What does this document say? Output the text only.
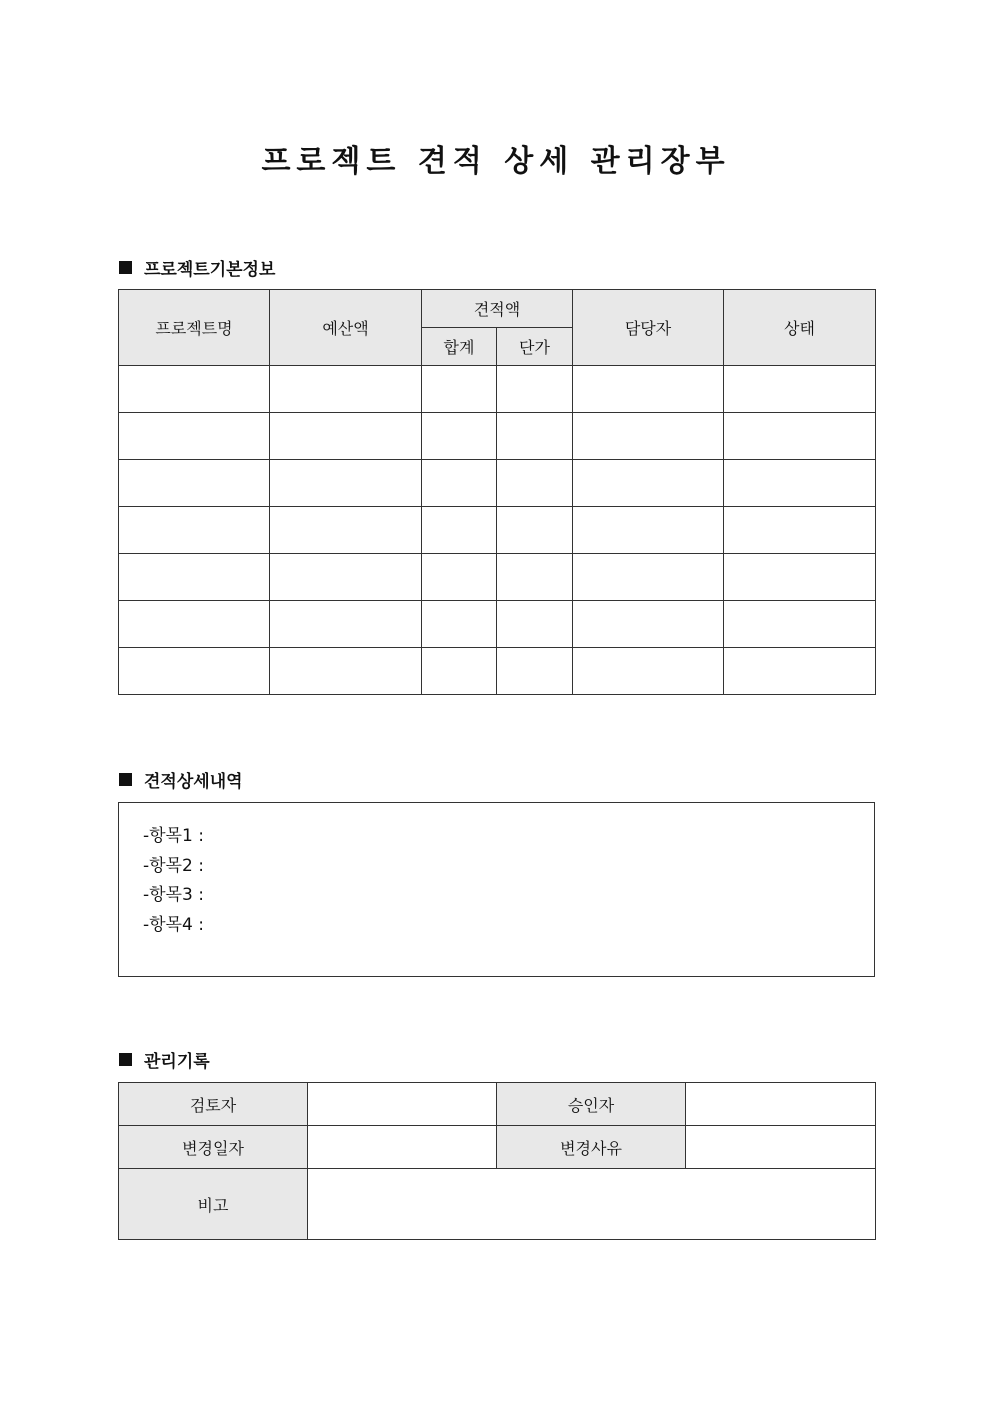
프로젝트 견적 상세 관리장부
프로젝트기본정보
프로젝트명	예산액	견적액		담당자	상태
		합계	단가		

견적상세내역
-항목1 :
-항목2 :
-항목3 :
-항목4 :
관리기록
검토자		승인자	
변경일자		변경사유	
비고			
